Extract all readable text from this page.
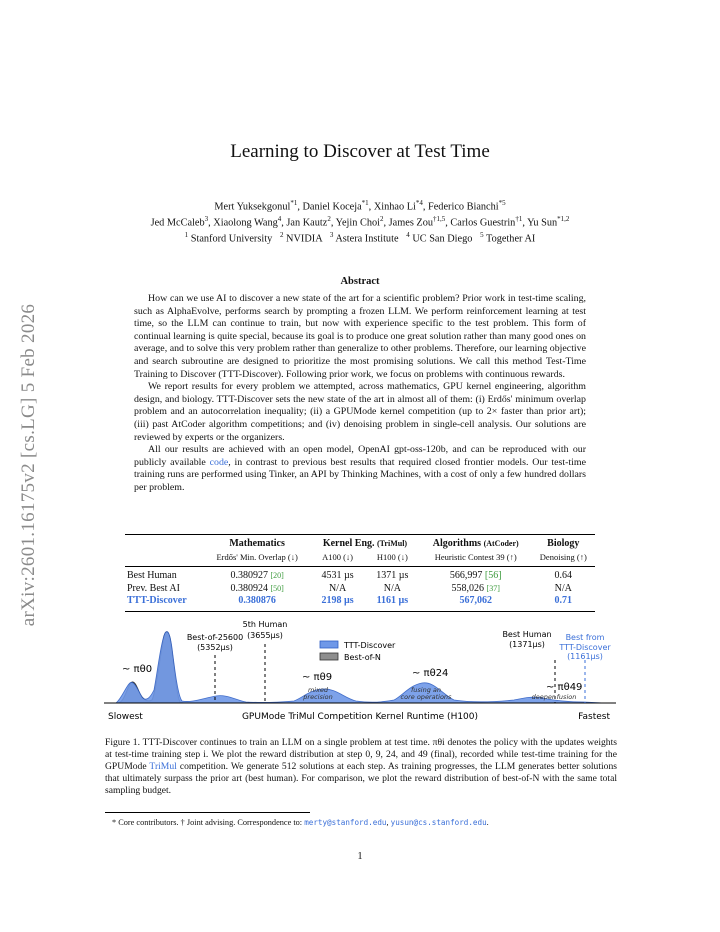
arXiv:2601.16175v2 [cs.LG] 5 Feb 2026
Learning to Discover at Test Time
Mert Yuksekgonul$^{*1}$, Daniel Koceja$^{*1}$, Xinhao Li$^{*4}$, Federico Bianchi$^{*5}$
Jed McCaleb$^3$, Xiaolong Wang$^4$, Jan Kautz$^2$, Yejin Choi$^2$, James Zou$^{\dagger 1,5}$, Carlos Guestrin$^{\dagger 1}$, Yu Sun$^{*1,2}$
$^1$ Stanford University   $^2$ NVIDIA   $^3$ Astera Institute   $^4$ UC San Diego   $^5$ Together AI
Abstract

How can we use AI to discover a new state of the art for a scientific problem? Prior work in test-time scaling, such as AlphaEvolve, performs search by prompting a frozen LLM. We perform reinforcement learning at test time, so the LLM can continue to train, but now with experience specific to the test problem. This form of continual learning is quite special, because its goal is to produce one great solution rather than many good ones on average, and to solve this very problem rather than generalize to other problems. Therefore, our learning objective and search subroutine are designed to prioritize the most promising solutions. We call this method Test-Time Training to Discover (TTT-Discover). Following prior work, we focus on problems with continuous rewards.

We report results for every problem we attempted, across mathematics, GPU kernel engineering, algorithm design, and biology. TTT-Discover sets the new state of the art in almost all of them: (i) Erdős' minimum overlap problem and an autocorrelation inequality; (ii) a GPUMode kernel competition (up to 2× faster than prior art); (iii) past AtCoder algorithm competitions; and (iv) denoising problem in single-cell analysis. Our solutions are reviewed by experts or the organizers.

All our results are achieved with an open model, OpenAI gpt-oss-120b, and can be reproduced with our publicly available code, in contrast to previous best results that required closed frontier models. Our test-time training runs are performed using Tinker, an API by Thinking Machines, with a cost of only a few hundred dollars per problem.

	Mathematics	Kernel Eng. (TriMul)		Algorithms (AtCoder)	Biology
	Erdős' Min. Overlap (↓)	A100 (↓)	H100 (↓)	Heuristic Contest 39 (↑)	Denoising (↑)
Best Human	0.380927 [20]	4531 µs	1371 µs	566,997 [56]	0.64
Prev. Best AI	0.380924 [50]	N/A	N/A	558,026 [37]	N/A
TTT-Discover	0.380876	2198 µs	1161 µs	567,062	0.71
Best-of-25600
(5352µs)
5th Human
(3655µs)	Best Human
(1371µs)
Best from
TTT-Discover
(1161µs)
TTT-Discover
Best-of-N
~ πθ0
~ πθ9	~ πθ24
~ πθ49
mixed
precision
fusing an
core operations	deeper fusion
Slowest	GPUMode TriMul Competition Kernel Runtime (H100)	Fastest
Figure 1. TTT-Discover continues to train an LLM on a single problem at test time. πθi denotes the policy with the updates weights at test-time training step i. We plot the reward distribution at step 0, 9, 24, and 49 (final), recorded while test-time training for the GPUMode TriMul competition. We generate 512 solutions at each step. As training progresses, the LLM generates better solutions that ultimately surpass the prior art (best human). For comparison, we plot the reward distribution of best-of-N with the same total sampling budget.
* Core contributors. † Joint advising. Correspondence to: merty@stanford.edu, yusun@cs.stanford.edu.
1
